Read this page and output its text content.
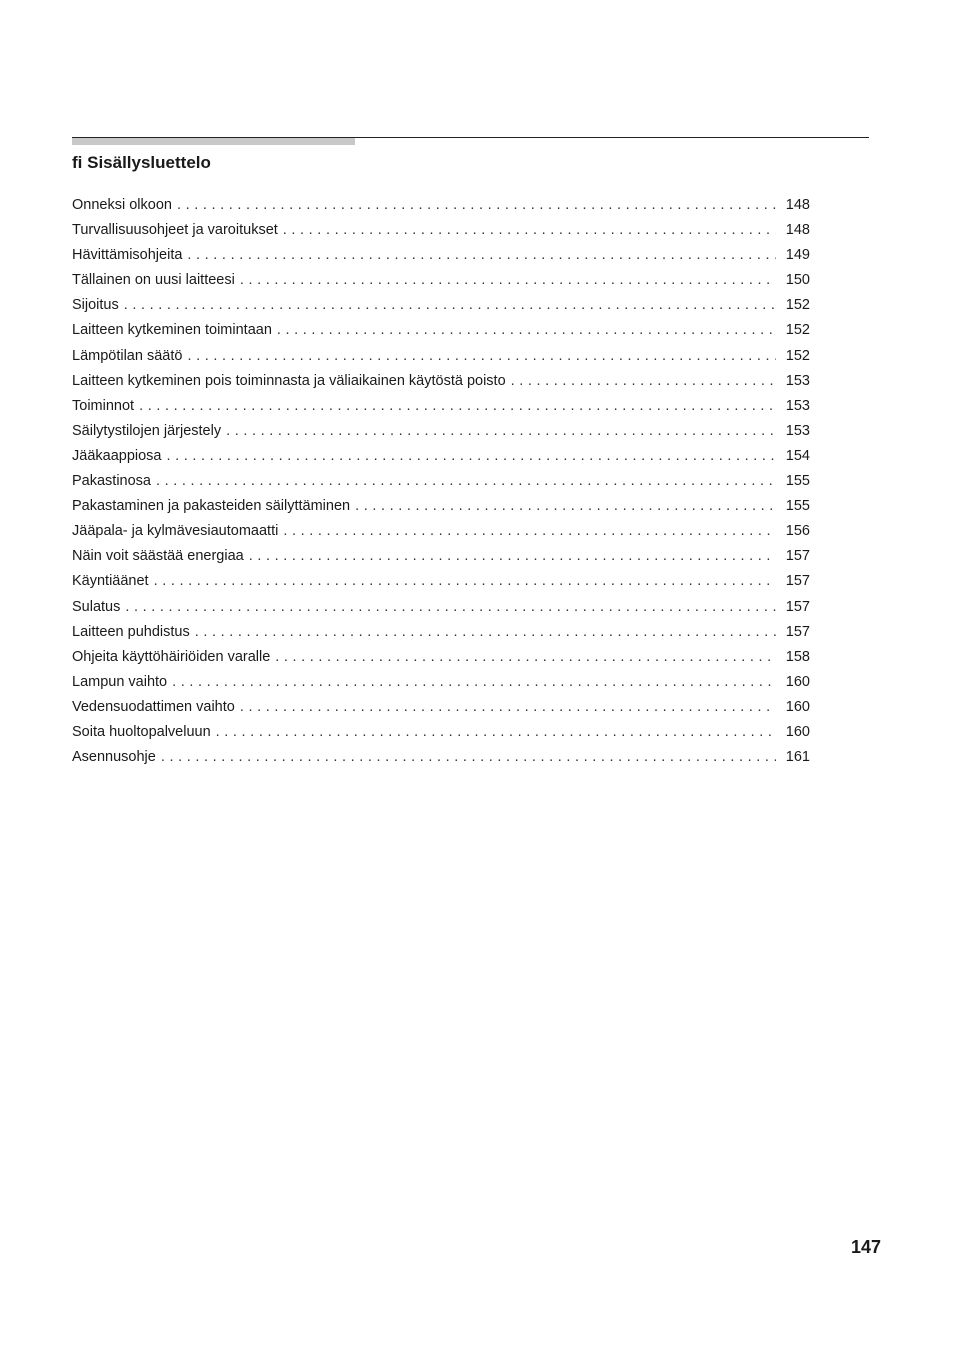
fi Sisällysluettelo
Onneksi olkoon .....	148
Turvallisuusohjeet ja varoitukset .....	148
Hävittämisohjeita .....	149
Tällainen on uusi laitteesi .....	150
Sijoitus .....	152
Laitteen kytkeminen toimintaan .....	152
Lämpötilan säätö .....	152
Laitteen kytkeminen pois toiminnasta ja väliaikainen käytöstä poisto .....	153
Toiminnot .....	153
Säilytystilojen järjestely .....	153
Jääkaappiosa .....	154
Pakastinosa .....	155
Pakastaminen ja pakasteiden säilyttäminen .....	155
Jääpala- ja kylmävesiautomaatti .....	156
Näin voit säästää energiaa .....	157
Käyntiäänet .....	157
Sulatus .....	157
Laitteen puhdistus .....	157
Ohjeita käyttöhäiriöiden varalle .....	158
Lampun vaihto .....	160
Vedensuodattimen vaihto .....	160
Soita huoltopalveluun .....	160
Asennusohje .....	161
147
